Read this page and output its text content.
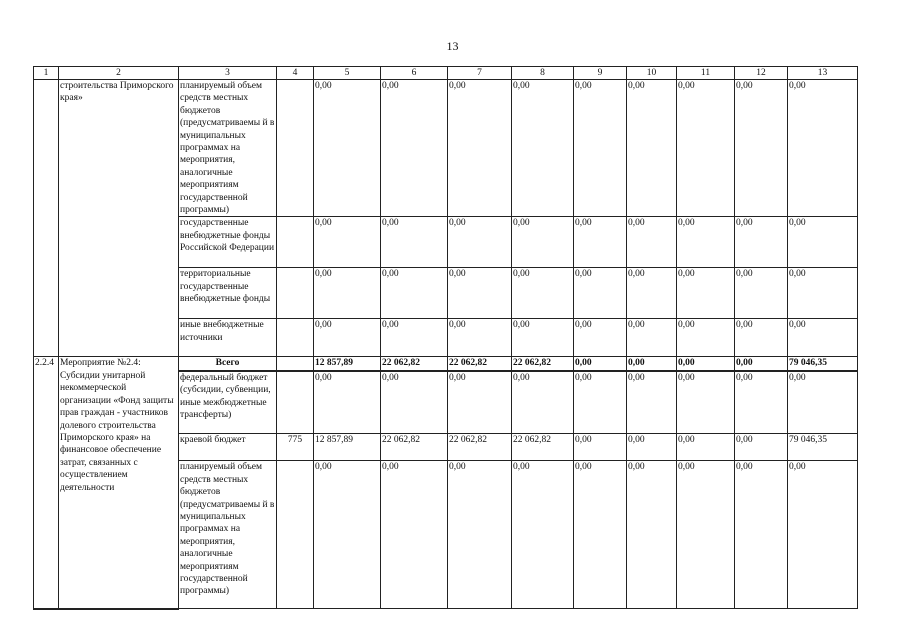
13
1	2	3	4	5	6	7	8	9	10	11	12	13
	строительства Приморского края»	планируемый объем средств местных бюджетов (предусматриваемы й в муниципальных программах на мероприятия, аналогичные мероприятиям государственной программы)		0,00	0,00	0,00	0,00	0,00	0,00	0,00	0,00	0,00
		государственные внебюджетные фонды Российской Федерации		0,00	0,00	0,00	0,00	0,00	0,00	0,00	0,00	0,00
		территориальные государственные внебюджетные фонды		0,00	0,00	0,00	0,00	0,00	0,00	0,00	0,00	0,00
		иные внебюджетные источники		0,00	0,00	0,00	0,00	0,00	0,00	0,00	0,00	0,00
2.2.4	Мероприятие №2.4: Субсидии унитарной некоммерческой организации «Фонд защиты прав граждан - участников долевого строительства Приморского края» на финансовое обеспечение затрат, связанных с осуществлением деятельности	Всего		12 857,89	22 062,82	22 062,82	22 062,82	0,00	0,00	0,00	0,00	79 046,35
		федеральный бюджет (субсидии, субвенции, иные межбюджетные трансферты)		0,00	0,00	0,00	0,00	0,00	0,00	0,00	0,00	0,00
		краевой бюджет	775	12 857,89	22 062,82	22 062,82	22 062,82	0,00	0,00	0,00	0,00	79 046,35
		планируемый объем средств местных бюджетов (предусматриваемы й в муниципальных программах на мероприятия, аналогичные мероприятиям государственной программы)		0,00	0,00	0,00	0,00	0,00	0,00	0,00	0,00	0,00
